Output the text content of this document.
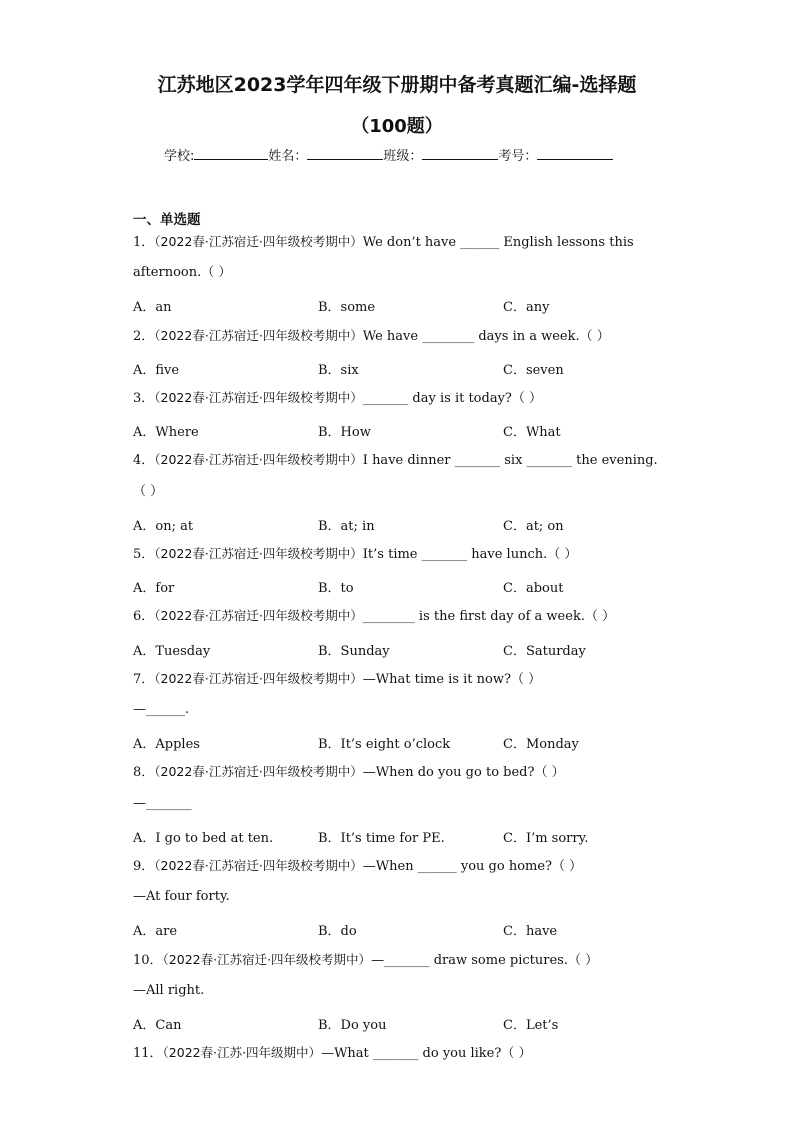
江苏地区2023学年四年级下册期中备考真题汇编-选择题
（100题）
学校:	姓名：	班级：	考号：
一、单选题
1．（2022春·江苏宿迁·四年级校考期中）We don’t have ______ English lessons this
afternoon.（ ）
A．an	B．some	C．any
2．（2022春·江苏宿迁·四年级校考期中）We have ________ days in a week.（ ）
A．five	B．six	C．seven
3．（2022春·江苏宿迁·四年级校考期中）_______ day is it today?（ ）
A．Where	B．How	C．What
4．（2022春·江苏宿迁·四年级校考期中）I have dinner _______ six _______ the evening.
（ ）
A．on; at	B．at; in	C．at; on
5．（2022春·江苏宿迁·四年级校考期中）It’s time _______ have lunch.（ ）
A．for	B．to	C．about
6．（2022春·江苏宿迁·四年级校考期中）________ is the first day of a week.（ ）
A．Tuesday	B．Sunday	C．Saturday
7．（2022春·江苏宿迁·四年级校考期中）—What time is it now?（ ）
—______.
A．Apples	B．It’s eight o’clock	C．Monday
8．（2022春·江苏宿迁·四年级校考期中）—When do you go to bed?（ ）
—_______
A．I go to bed at ten.	B．It’s time for PE.	C．I’m sorry.
9．（2022春·江苏宿迁·四年级校考期中）—When ______ you go home?（ ）
—At four forty.
A．are	B．do	C．have
10．（2022春·江苏宿迁·四年级校考期中）—_______ draw some pictures.（ ）
—All right.
A．Can	B．Do you	C．Let’s
11．（2022春·江苏·四年级期中）—What _______ do you like?（ ）
